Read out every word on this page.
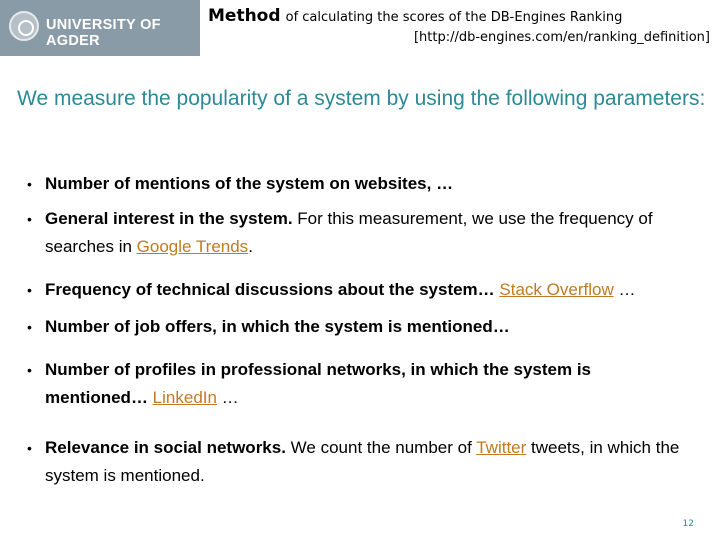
UNIVERSITY OF AGDER
Method of calculating the scores of the DB-Engines Ranking
[http://db-engines.com/en/ranking_definition]
We measure the popularity of a system by using the following parameters:
• Number of mentions of the system on websites, …
• General interest in the system. For this measurement, we use the frequency of searches in Google Trends.
• Frequency of technical discussions about the system… Stack Overflow …
• Number of job offers, in which the system is mentioned…
• Number of profiles in professional networks, in which the system is mentioned… LinkedIn …
• Relevance in social networks. We count the number of Twitter tweets, in which the system is mentioned.
12
